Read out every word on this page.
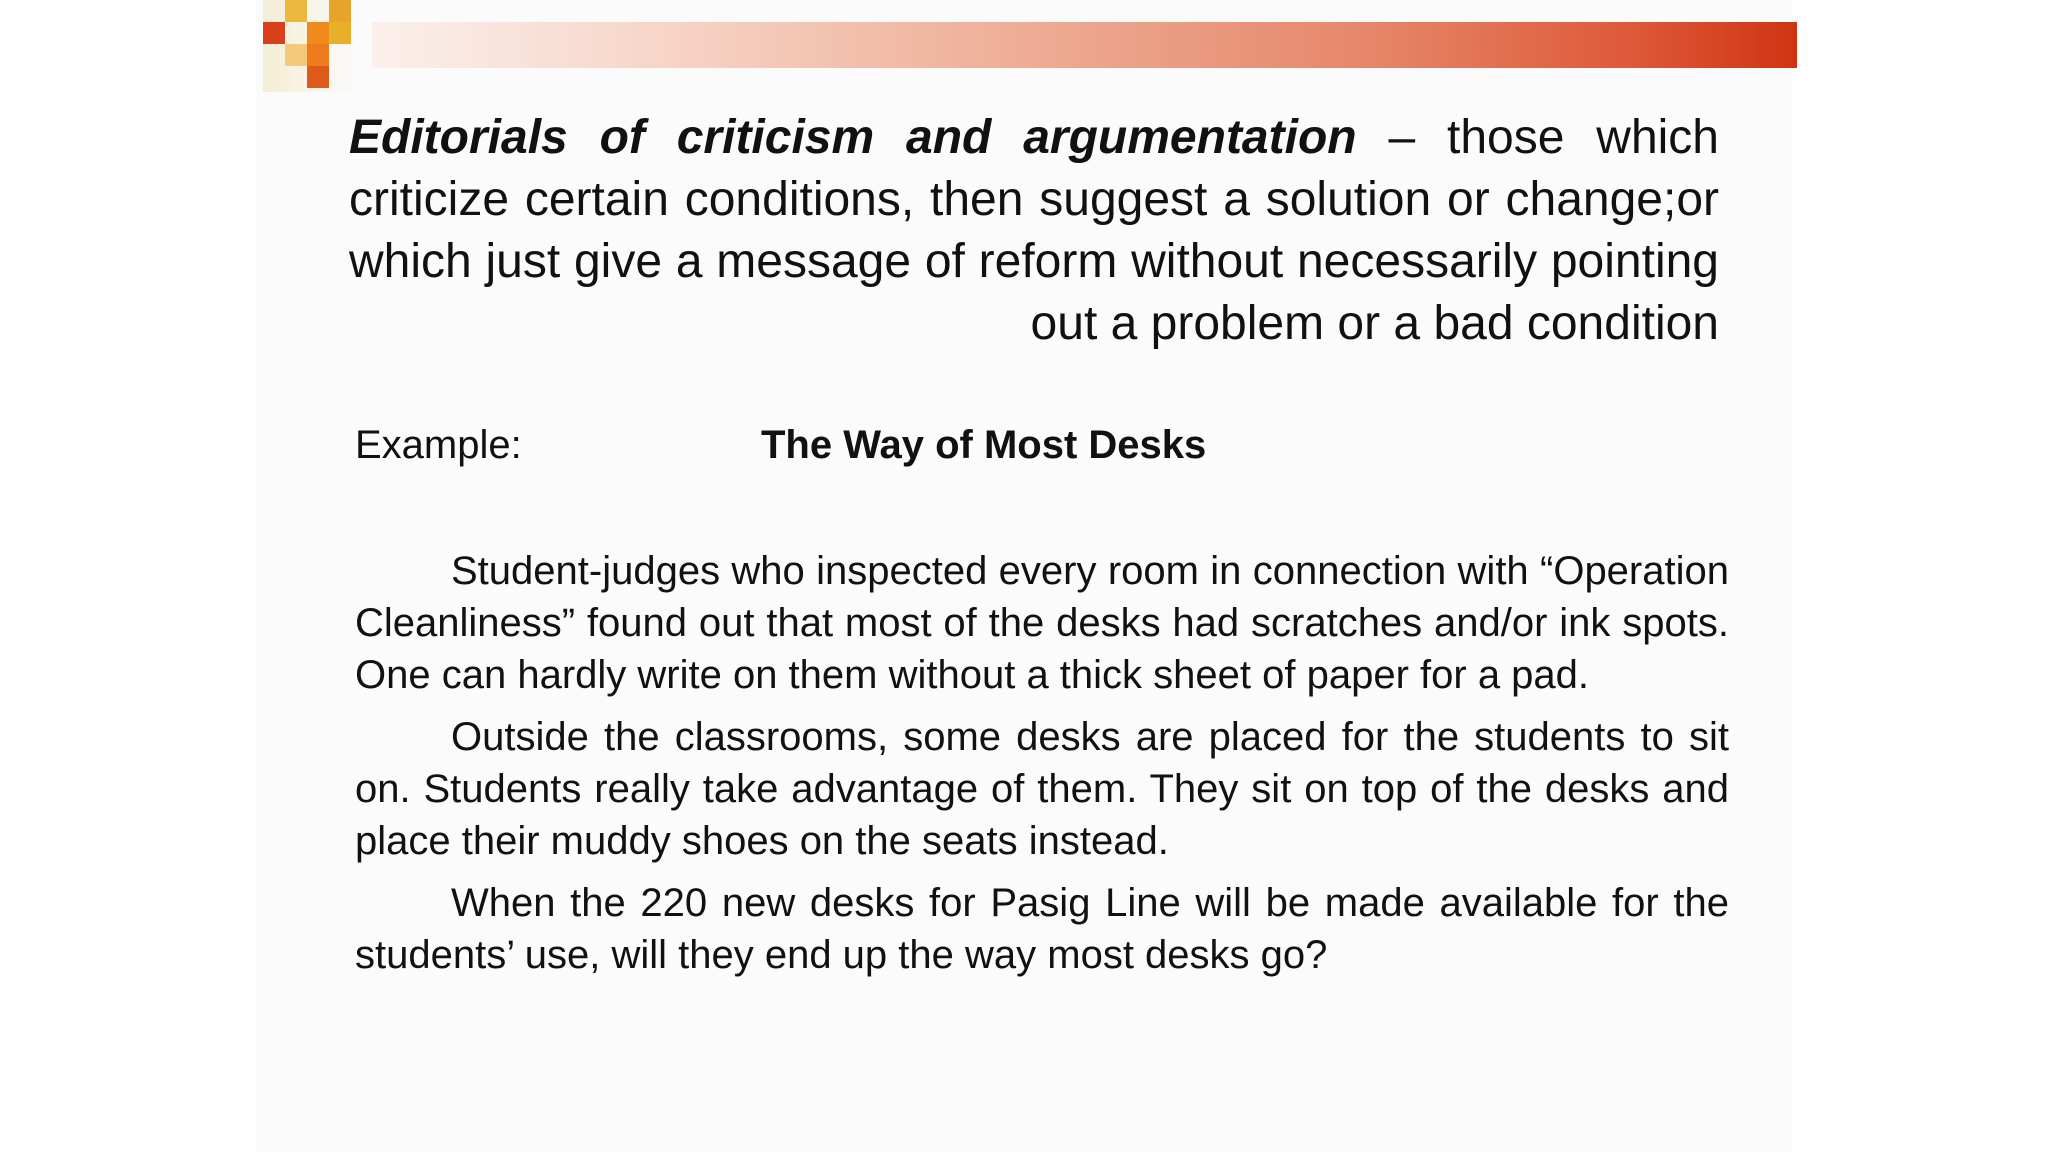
Editorials of criticism and argumentation – those which criticize certain conditions, then suggest a solution or change;or which just give a message of reform without necessarily pointing out a problem or a bad condition

Example:	The Way of Most Desks

Student-judges who inspected every room in connection with “Operation Cleanliness” found out that most of the desks had scratches and/or ink spots. One can hardly write on them without a thick sheet of paper for a pad.

Outside the classrooms, some desks are placed for the students to sit on. Students really take advantage of them. They sit on top of the desks and place their muddy shoes on the seats instead.

When the 220 new desks for Pasig Line will be made available for the students’ use, will they end up the way most desks go?
